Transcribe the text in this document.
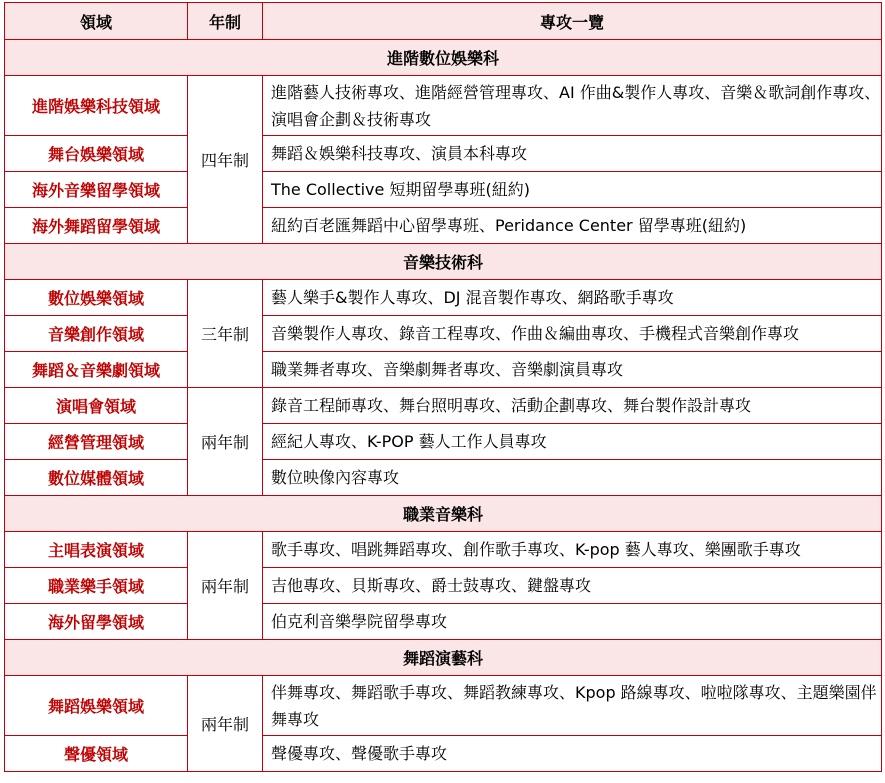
領域	年制	專攻一覽
進階數位娛樂科		
進階娛樂科技領域	四年制	進階藝人技術專攻、進階經營管理專攻、AI 作曲&製作人專攻、音樂＆歌詞創作專攻、演唱會企劃＆技術專攻
舞台娛樂領域		舞蹈＆娛樂科技專攻、演員本科專攻
海外音樂留學領域		The Collective 短期留學專班(紐約)
海外舞蹈留學領域		紐約百老匯舞蹈中心留學專班、Peridance Center 留學專班(紐約)
音樂技術科		
數位娛樂領域	三年制	藝人樂手&製作人專攻、DJ 混音製作專攻、網路歌手專攻
音樂創作領域		音樂製作人專攻、錄音工程專攻、作曲＆編曲專攻、手機程式音樂創作專攻
舞蹈＆音樂劇領域		職業舞者專攻、音樂劇舞者專攻、音樂劇演員專攻
演唱會領域	兩年制	錄音工程師專攻、舞台照明專攻、活動企劃專攻、舞台製作設計專攻
經營管理領域		經紀人專攻、K-POP 藝人工作人員專攻
數位媒體領域		數位映像內容專攻
職業音樂科		
主唱表演領域	兩年制	歌手專攻、唱跳舞蹈專攻、創作歌手專攻、K-pop 藝人專攻、樂團歌手專攻
職業樂手領域		吉他專攻、貝斯專攻、爵士鼓專攻、鍵盤專攻
海外留學領域		伯克利音樂學院留學專攻
舞蹈演藝科		
舞蹈娛樂領域	兩年制	伴舞專攻、舞蹈歌手專攻、舞蹈教練專攻、Kpop 路線專攻、啦啦隊專攻、主題樂園伴舞專攻
聲優領域		聲優專攻、聲優歌手專攻
